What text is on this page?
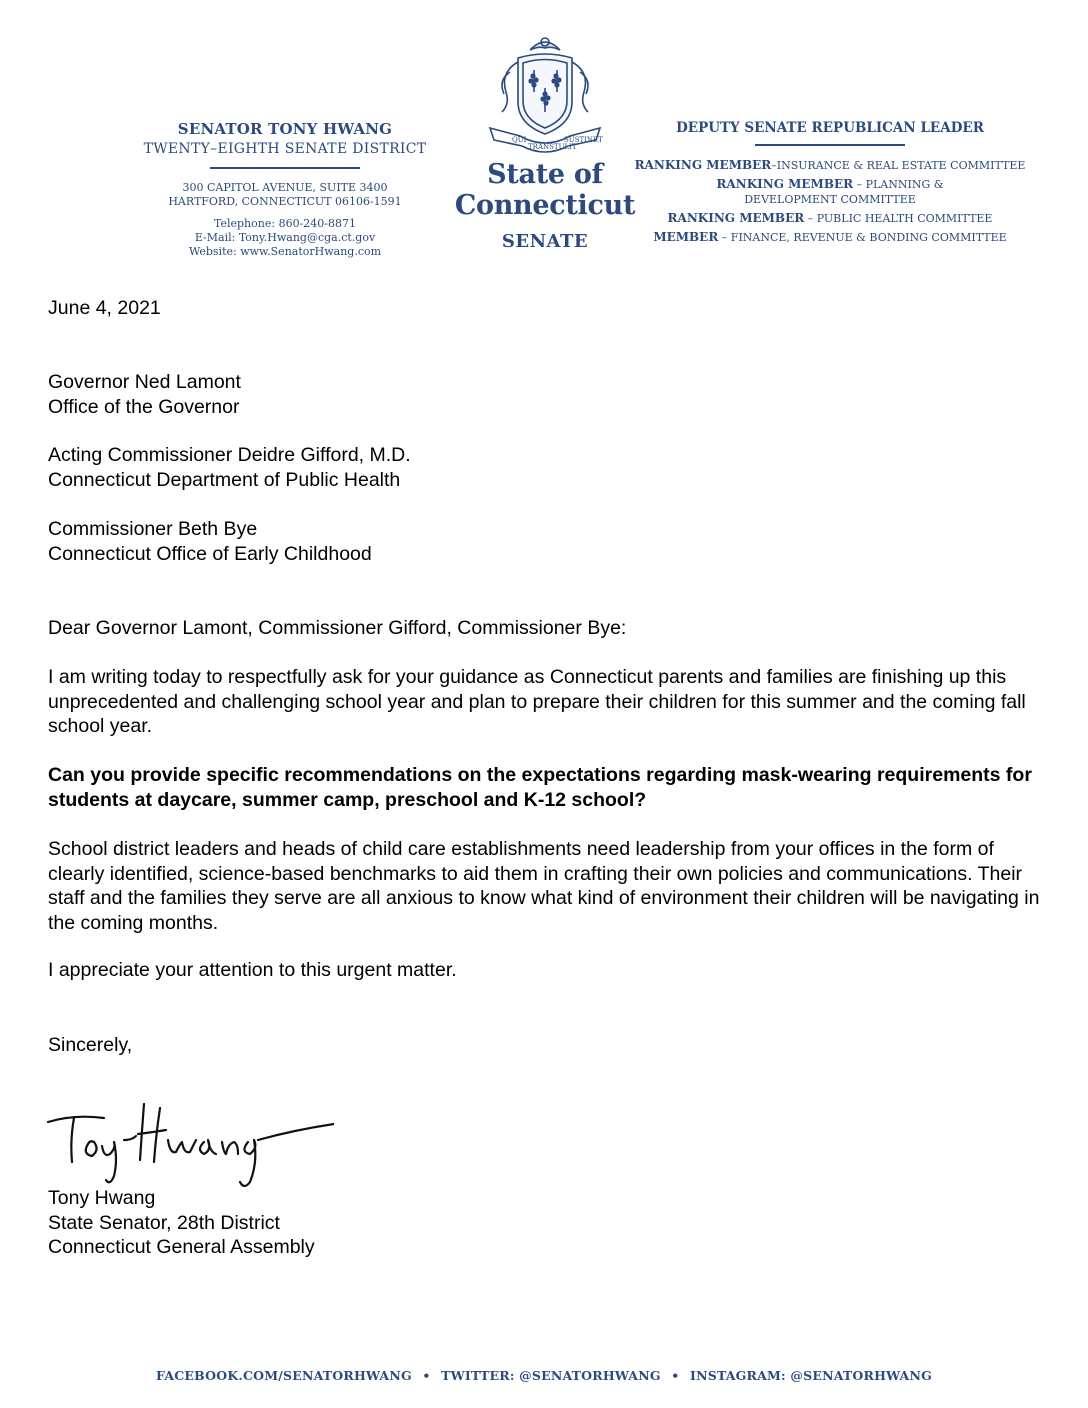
SENATOR TONY HWANG
TWENTY–EIGHTH SENATE DISTRICT
300 CAPITOL AVENUE, SUITE 3400
HARTFORD, CONNECTICUT 06106-1591
Telephone: 860-240-8871
E-Mail: Tony.Hwang@cga.ct.gov
Website: www.SenatorHwang.com
QUI
TRANSTULIT
SUSTINET
State of Connecticut
SENATE
DEPUTY SENATE REPUBLICAN LEADER
RANKING MEMBER–INSURANCE & REAL ESTATE COMMITTEE
RANKING MEMBER – PLANNING &
DEVELOPMENT COMMITTEE
RANKING MEMBER – PUBLIC HEALTH COMMITTEE
MEMBER – FINANCE, REVENUE & BONDING COMMITTEE
June 4, 2021

Governor Ned Lamont

Office of the Governor

Acting Commissioner Deidre Gifford, M.D.

Connecticut Department of Public Health

Commissioner Beth Bye

Connecticut Office of Early Childhood

Dear Governor Lamont, Commissioner Gifford, Commissioner Bye:
I am writing today to respectfully ask for your guidance as Connecticut parents and families are finishing up this unprecedented and challenging school year and plan to prepare their children for this summer and the coming fall school year.
Can you provide specific recommendations on the expectations regarding mask-wearing requirements for students at daycare, summer camp, preschool and K-12 school?
School district leaders and heads of child care establishments need leadership from your offices in the form of clearly identified, science-based benchmarks to aid them in crafting their own policies and communications. Their staff and the families they serve are all anxious to know what kind of environment their children will be navigating in the coming months.
I appreciate your attention to this urgent matter.
Sincerely,

Tony Hwang

State Senator, 28th District

Connecticut General Assembly

FACEBOOK.COM/SENATORHWANG • TWITTER: @SENATORHWANG • INSTAGRAM: @SENATORHWANG
